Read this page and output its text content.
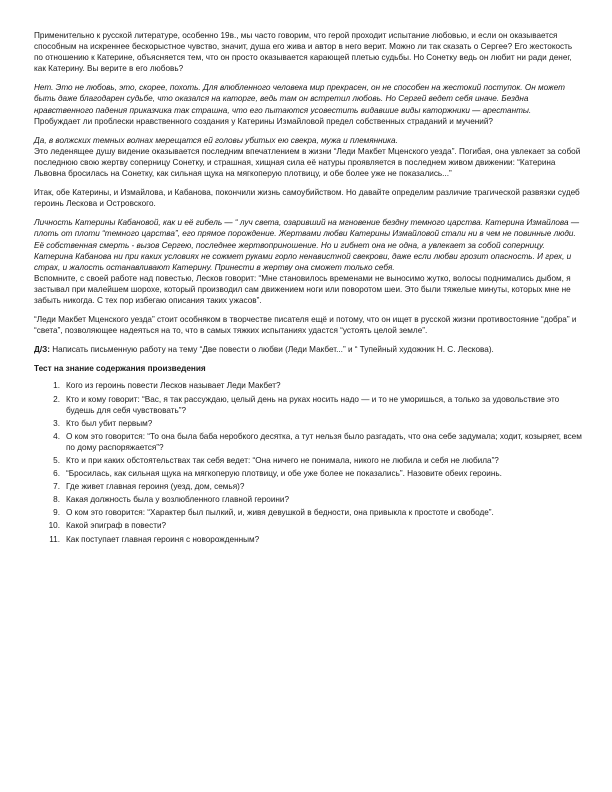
Применительно к русской литературе, особенно 19в., мы часто говорим, что герой проходит испытание любовью, и если он оказывается способным на искреннее бескорыстное чувство, значит, душа его жива и автор в него верит. Можно ли так сказать о Сергее? Его жестокость по отношению к Катерине, объясняется тем, что он просто оказывается карающей плетью судьбы. Но Сонетку ведь он любит ни ради денег, как Катерину. Вы верите в его любовь?

Нет. Это не любовь, это, скорее, похоть. Для влюбленного человека мир прекрасен, он не способен на жестокий поступок. Он может быть даже благодарен судьбе, что оказался на каторге, ведь там он встретил любовь. Но Сергей ведет себя иначе. Бездна нравственного падения приказчика так страшна, что его пытаются усовестить видавшие виды каторжники — арестанты.

Пробуждает ли проблески нравственного создания у Катерины Измайловой предел собственных страданий и мучений?

Да, в волжских темных волнах мерещатся ей головы убитых ею свекра, мужа и племянника.

Это леденящее душу видение оказывается последним впечатлением в жизни “Леди Макбет Мценского уезда”. Погибая, она увлекает за собой последнюю свою жертву соперницу Сонетку, и страшная, хищная сила её натуры проявляется в последнем живом движении: “Катерина Львовна бросилась на Сонетку, как сильная щука на мягкоперую плотвицу, и обе более уже не показались...”

Итак, обе Катерины, и Измайлова, и Кабанова, покончили жизнь самоубийством. Но давайте определим различие трагической развязки судеб героинь Лескова и Островского.

Личность Катерины Кабановой, как и её гибель — “ луч света, озаривший на мгновение бездну темного царства. Катерина Измайлова — плоть от плоти “темного царства”, его прямое порождение. Жертвами любви Катерины Измайловой стали ни в чем не повинные люди. Её собственная смерть - вызов Сергею, последнее жертвоприношение. Но и гибнет она не одна, а увлекает за собой соперницу. Катерина Кабанова ни при каких условиях не сожмет руками горло ненавистной свекрови, даже если любви грозит опасность. И грех, и страх, и жалость останавливают Катерину. Принести в жертву она сможет только себя.

Вспомните, с своей работе над повестью, Лесков говорит: “Мне становилось временами не выносимо жутко, волосы поднимались дыбом, я застывал при малейшем шорохе, который производил сам движением ноги или поворотом шеи. Это были тяжелые минуты, которых мне не забыть никогда. С тех пор избегаю описания таких ужасов”.

“Леди Макбет Мценского уезда” стоит особняком в творчестве писателя ещё и потому, что он ищет в русской жизни противостояние “добра” и “света”, позволяющее надеяться на то, что в самых тяжких испытаниях удастся “устоять целой земле”.

Д/З: Написать письменную работу на тему “Две повести о любви (Леди Макбет...” и “ Тупейный художник Н. С. Лескова).

Тест на знание содержания произведения
1. Кого из героинь повести Лесков называет Леди Макбет?
2. Кто и кому говорит: “Вас, я так рассуждаю, целый день на руках носить надо — и то не уморишься, а только за удовольствие это будешь для себя чувствовать”?
3. Кто был убит первым?
4. О ком это говорится: “То она была баба неробкого десятка, а тут нельзя было разгадать, что она себе задумала; ходит, козыряет, всем по дому распоряжается”?
5. Кто и при каких обстоятельствах так себя ведет: “Она ничего не понимала, никого не любила и себя не любила”?
6. “Бросилась, как сильная щука на мягкоперую плотвицу, и обе уже более не показались”. Назовите обеих героинь.
7. Где живет главная героиня (уезд, дом, семья)?
8. Какая должность была у возлюбленного главной героини?
9. О ком это говорится: “Характер был пылкий, и, живя девушкой в бедности, она привыкла к простоте и свободе”.
10. Какой эпиграф в повести?
11. Как поступает главная героиня с новорожденным?
